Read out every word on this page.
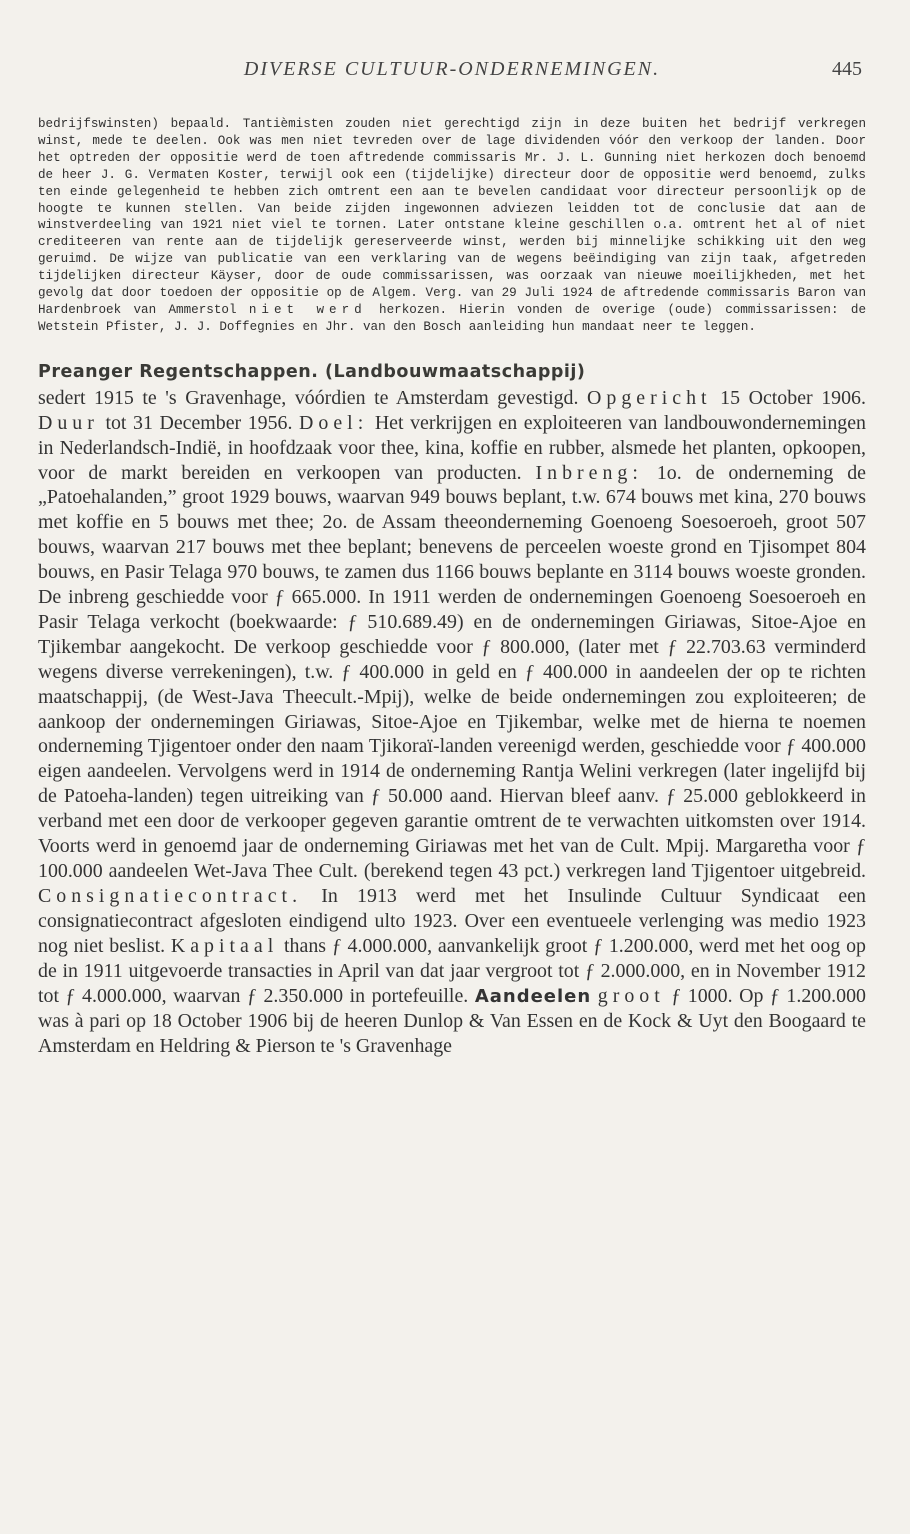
DIVERSE CULTUUR-ONDERNEMINGEN.	445

bedrijfswinsten) bepaald. Tantièmisten zouden niet gerechtigd zijn in deze buiten het bedrijf verkregen winst, mede te deelen. Ook was men niet tevreden over de lage dividenden vóór den verkoop der landen. Door het optreden der oppositie werd de toen aftredende commissaris Mr. J. L. Gunning niet herkozen doch benoemd de heer J. G. Vermaten Koster, terwijl ook een (tijdelijke) directeur door de oppositie werd benoemd, zulks ten einde gelegenheid te hebben zich omtrent een aan te bevelen candidaat voor directeur persoonlijk op de hoogte te kunnen stellen. Van beide zijden ingewonnen adviezen leidden tot de conclusie dat aan de winstverdeeling van 1921 niet viel te tornen. Later ontstane kleine geschillen o.a. omtrent het al of niet crediteeren van rente aan de tijdelijk gereserveerde winst, werden bij minnelijke schikking uit den weg geruimd. De wijze van publicatie van een verklaring van de wegens beëindiging van zijn taak, afgetreden tijdelijken directeur Käyser, door de oude commissarissen, was oorzaak van nieuwe moeilijkheden, met het gevolg dat door toedoen der oppositie op de Algem. Verg. van 29 Juli 1924 de aftredende commissaris Baron van Hardenbroek van Ammerstol niet werd herkozen. Hierin vonden de overige (oude) commissarissen: de Wetstein Pfister, J. J. Doffegnies en Jhr. van den Bosch aanleiding hun mandaat neer te leggen.

Preanger Regentschappen. (Landbouwmaatschappij)
sedert 1915 te 's Gravenhage, vóórdien te Amsterdam gevestigd. Opgericht 15 October 1906. Duur tot 31 December 1956. Doel: Het verkrijgen en exploiteeren van landbouwondernemingen in Nederlandsch-Indië, in hoofdzaak voor thee, kina, koffie en rubber, alsmede het planten, opkoopen, voor de markt bereiden en verkoopen van producten. Inbreng: 1o. de onderneming de „Patoehalanden,” groot 1929 bouws, waarvan 949 bouws beplant, t.w. 674 bouws met kina, 270 bouws met koffie en 5 bouws met thee; 2o. de Assam theeonderneming Goenoeng Soesoeroeh, groot 507 bouws, waarvan 217 bouws met thee beplant; benevens de perceelen woeste grond en Tjisompet 804 bouws, en Pasir Telaga 970 bouws, te zamen dus 1166 bouws beplante en 3114 bouws woeste gronden. De inbreng geschiedde voor ƒ 665.000. In 1911 werden de ondernemingen Goenoeng Soesoeroeh en Pasir Telaga verkocht (boekwaarde: ƒ 510.689.49) en de ondernemingen Giriawas, Sitoe-Ajoe en Tjikembar aangekocht. De verkoop geschiedde voor ƒ 800.000, (later met ƒ 22.703.63 verminderd wegens diverse verrekeningen), t.w. ƒ 400.000 in geld en ƒ 400.000 in aandeelen der op te richten maatschappij, (de West-Java Theecult.-Mpij), welke de beide ondernemingen zou exploiteeren; de aankoop der ondernemingen Giriawas, Sitoe-Ajoe en Tjikembar, welke met de hierna te noemen onderneming Tjigentoer onder den naam Tjikoraï-landen vereenigd werden, geschiedde voor ƒ 400.000 eigen aandeelen. Vervolgens werd in 1914 de onderneming Rantja Welini verkregen (later ingelijfd bij de Patoeha-landen) tegen uitreiking van ƒ 50.000 aand. Hiervan bleef aanv. ƒ 25.000 geblokkeerd in verband met een door de verkooper gegeven garantie omtrent de te verwachten uitkomsten over 1914. Voorts werd in genoemd jaar de onderneming Giriawas met het van de Cult. Mpij. Margaretha voor ƒ 100.000 aandeelen Wet-Java Thee Cult. (berekend tegen 43 pct.) verkregen land Tjigentoer uitgebreid. Consignatiecontract. In 1913 werd met het Insulinde Cultuur Syndicaat een consignatiecontract afgesloten eindigend ulto 1923. Over een eventueele verlenging was medio 1923 nog niet beslist. Kapitaal thans ƒ 4.000.000, aanvankelijk groot ƒ 1.200.000, werd met het oog op de in 1911 uitgevoerde transacties in April van dat jaar vergroot tot ƒ 2.000.000, en in November 1912 tot ƒ 4.000.000, waarvan ƒ 2.350.000 in portefeuille. Aandeelen groot ƒ 1000. Op ƒ 1.200.000 was à pari op 18 October 1906 bij de heeren Dunlop & Van Essen en de Kock & Uyt den Boogaard te Amsterdam en Heldring & Pierson te 's Gravenhage
